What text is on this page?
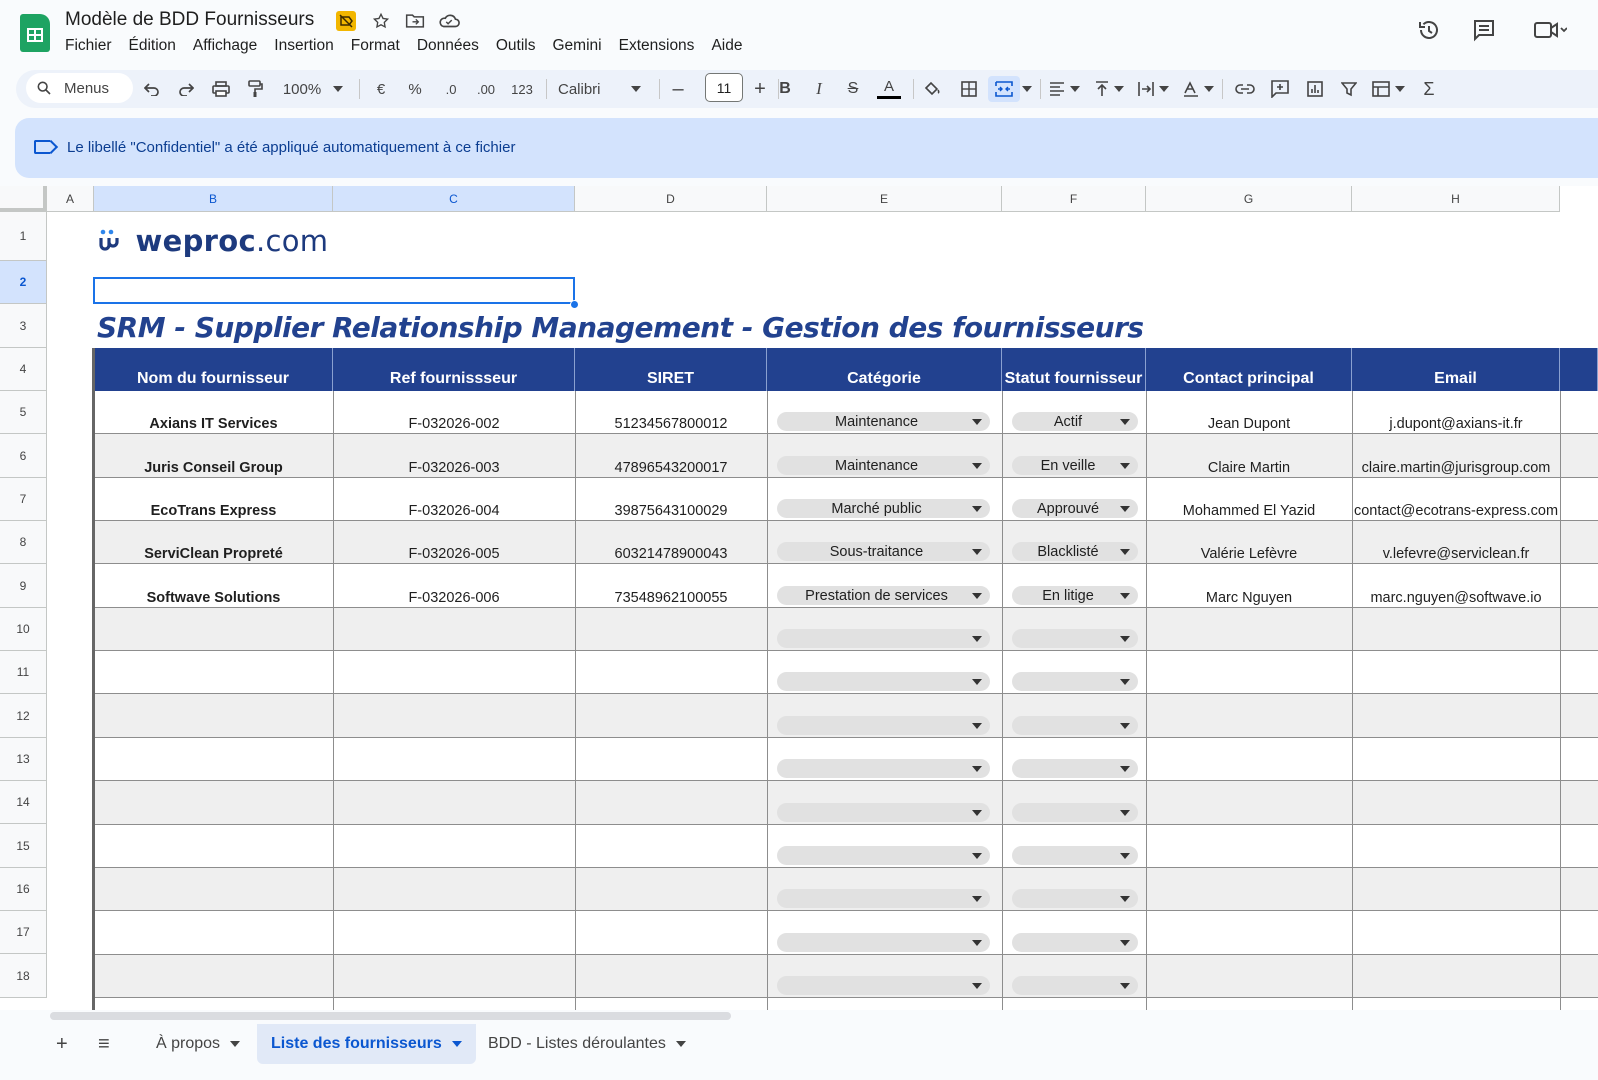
Modèle de BDD Fournisseurs
Fichier	Édition	Affichage	Insertion	Format	Données	Outils	Gemini	Extensions	Aide
Menus	100%	€	%	.0 .00 123 Calibri	–	11	+ B	I	S	A	Σ
Le libellé "Confidentiel" a été appliqué automatiquement à ce fichier
A	B	C	D	E	F	G	H
1
2
3
4
5
6
7
8
9
10
11
12
13
14
15
16
17
18
weproc.com
SRM - Supplier Relationship Management - Gestion des fournisseurs
Nom du fournisseur	Ref fournissseur	SIRET	Catégorie	Statut fournisseur	Contact principal	Email
Axians IT Services	F-032026-002	51234567800012	Maintenance	Actif	Jean Dupont	j.dupont@axians-it.fr
Juris Conseil Group	F-032026-003	47896543200017	Maintenance	En veille	Claire Martin	claire.martin@jurisgroup.com
EcoTrans Express	F-032026-004	39875643100029	Marché public	Approuvé	Mohammed El Yazid	contact@ecotrans-express.com
ServiClean Propreté	F-032026-005	60321478900043	Sous-traitance	Blacklisté	Valérie Lefèvre	v.lefevre@serviclean.fr
Softwave Solutions	F-032026-006	73548962100055	Prestation de services	En litige	Marc Nguyen	marc.nguyen@softwave.io
+ ≡	À propos	Liste des fournisseurs	BDD - Listes déroulantes
